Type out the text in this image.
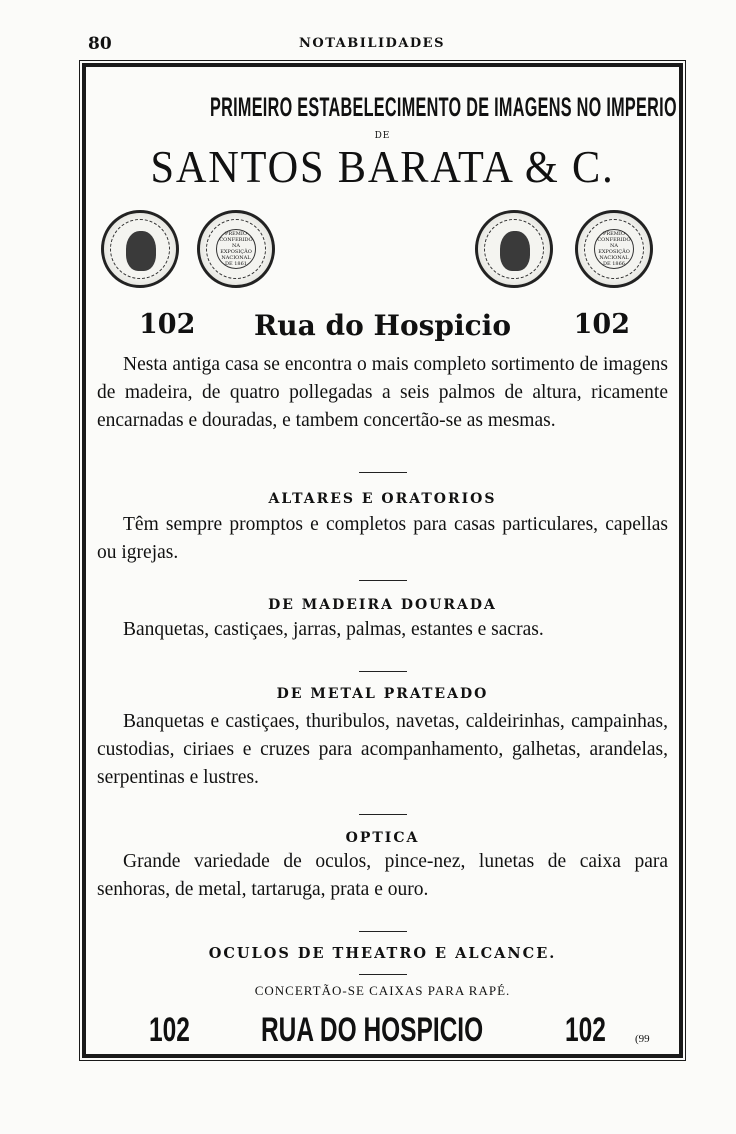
80	NOTABILIDADES
PRIMEIRO ESTABELECIMENTO DE IMAGENS NO IMPERIO
DE
SANTOS BARATA & C.
PREMIO CONFERIDO NA EXPOSIÇÃO NACIONAL DE 1861
PREMIO CONFERIDO NA EXPOSIÇÃO NACIONAL DE 1866
102	Rua do Hospicio	102
Nesta antiga casa se encontra o mais completo sortimento de imagens de madeira, de quatro pollegadas a seis palmos de altura, ricamente encarnadas e douradas, e tambem concertão-se as mesmas.
ALTARES E ORATORIOS
Têm sempre promptos e completos para casas particulares, capellas ou igrejas.
DE MADEIRA DOURADA
Banquetas, castiçaes, jarras, palmas, estantes e sacras.
DE METAL PRATEADO
Banquetas e castiçaes, thuribulos, navetas, caldeirinhas, campainhas, custodias, ciriaes e cruzes para acompanhamento, galhetas, arandelas, serpentinas e lustres.
OPTICA
Grande variedade de oculos, pince-nez, lunetas de caixa para senhoras, de metal, tartaruga, prata e ouro.
OCULOS DE THEATRO E ALCANCE.
CONCERTÃO-SE CAIXAS PARA RAPÉ.
102 RUA DO HOSPICIO 102	(99
